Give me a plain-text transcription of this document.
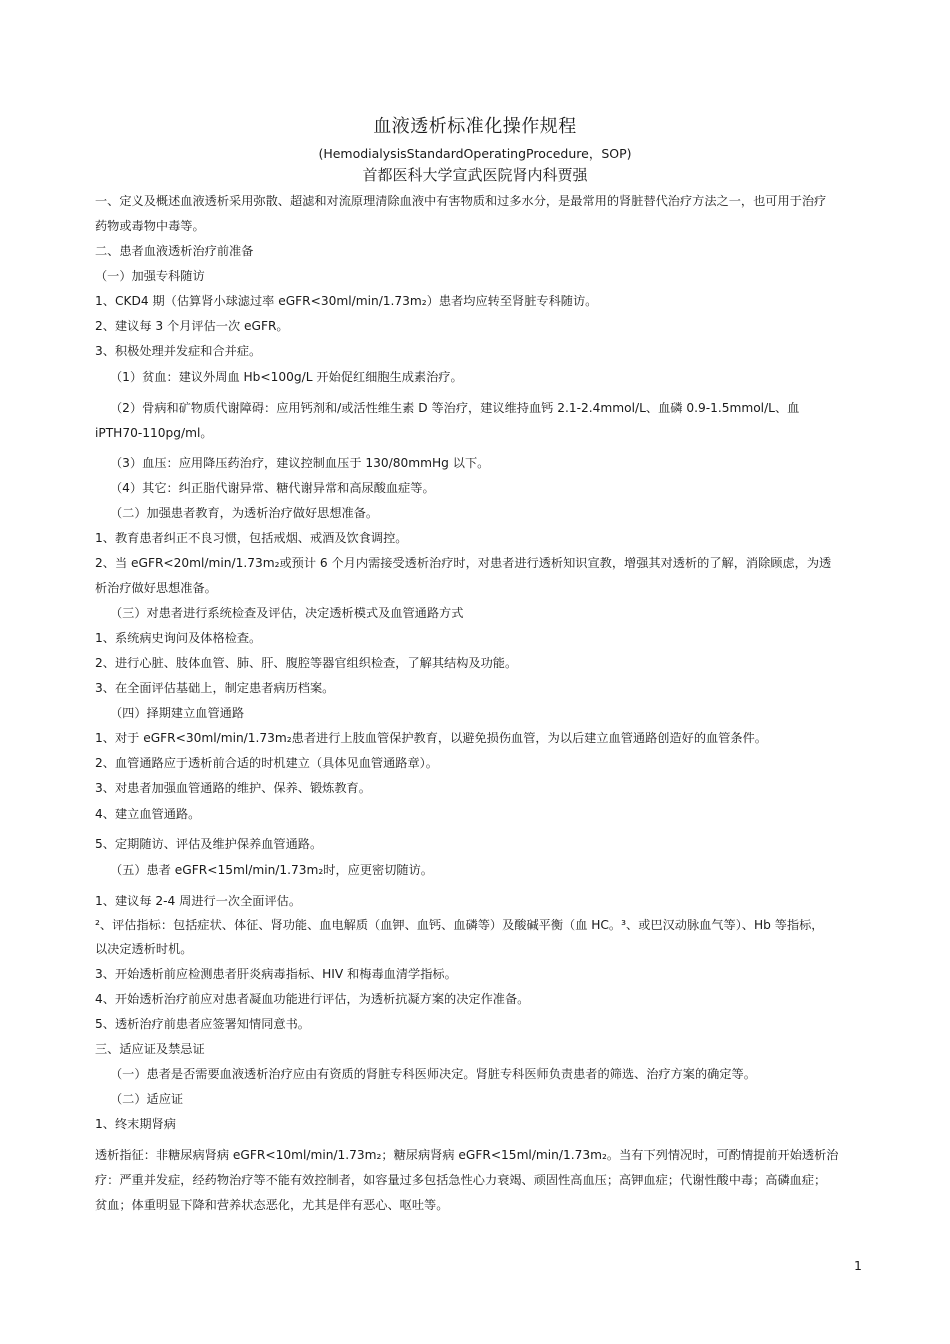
血液透析标准化操作规程
(HemodialysisStandardOperatingProcedure，SOP)
首都医科大学宣武医院肾内科贾强
一、定义及概述血液透析采用弥散、超滤和对流原理清除血液中有害物质和过多水分，是最常用的肾脏替代治疗方法之一，也可用于治疗
药物或毒物中毒等。
二、患者血液透析治疗前准备
（一）加强专科随访
1、CKD4 期（估算肾小球滤过率 eGFR<30ml/min/1.73m₂）患者均应转至肾脏专科随访。
2、建议每 3 个月评估一次 eGFR。
3、积极处理并发症和合并症。
（1）贫血：建议外周血 Hb<100g/L 开始促红细胞生成素治疗。
（2）骨病和矿物质代谢障碍：应用钙剂和/或活性维生素 D 等治疗，建议维持血钙 2.1-2.4mmol/L、血磷 0.9-1.5mmol/L、血
iPTH70-110pg/ml。
（3）血压：应用降压药治疗，建议控制血压于 130/80mmHg 以下。
（4）其它：纠正脂代谢异常、糖代谢异常和高尿酸血症等。
（二）加强患者教育，为透析治疗做好思想准备。
1、教育患者纠正不良习惯，包括戒烟、戒酒及饮食调控。
2、当 eGFR<20ml/min/1.73m₂或预计 6 个月内需接受透析治疗时，对患者进行透析知识宣教，增强其对透析的了解，消除顾虑，为透
析治疗做好思想准备。
（三）对患者进行系统检查及评估，决定透析模式及血管通路方式
1、系统病史询问及体格检查。
2、进行心脏、肢体血管、肺、肝、腹腔等器官组织检查，了解其结构及功能。
3、在全面评估基础上，制定患者病历档案。
（四）择期建立血管通路
1、对于 eGFR<30ml/min/1.73m₂患者进行上肢血管保护教育，以避免损伤血管，为以后建立血管通路创造好的血管条件。
2、血管通路应于透析前合适的时机建立（具体见血管通路章）。
3、对患者加强血管通路的维护、保养、锻炼教育。
4、建立血管通路。
5、定期随访、评估及维护保养血管通路。
（五）患者 eGFR<15ml/min/1.73m₂时，应更密切随访。
1、建议每 2-4 周进行一次全面评估。
²、评估指标：包括症状、体征、肾功能、血电解质（血钾、血钙、血磷等）及酸碱平衡（血 HC。³、或巴汉动脉血气等）、Hb 等指标，
以决定透析时机。
3、开始透析前应检测患者肝炎病毒指标、HIV 和梅毒血清学指标。
4、开始透析治疗前应对患者凝血功能进行评估，为透析抗凝方案的决定作准备。
5、透析治疗前患者应签署知情同意书。
三、适应证及禁忌证
（一）患者是否需要血液透析治疗应由有资质的肾脏专科医师决定。肾脏专科医师负责患者的筛选、治疗方案的确定等。
（二）适应证
1、终末期肾病
透析指征：非糖尿病肾病 eGFR<10ml/min/1.73m₂；糖尿病肾病 eGFR<15ml/min/1.73m₂。当有下列情况时，可酌情提前开始透析治
疗：严重并发症，经药物治疗等不能有效控制者，如容量过多包括急性心力衰竭、顽固性高血压；高钾血症；代谢性酸中毒；高磷血症；
贫血；体重明显下降和营养状态恶化，尤其是伴有恶心、呕吐等。
1
